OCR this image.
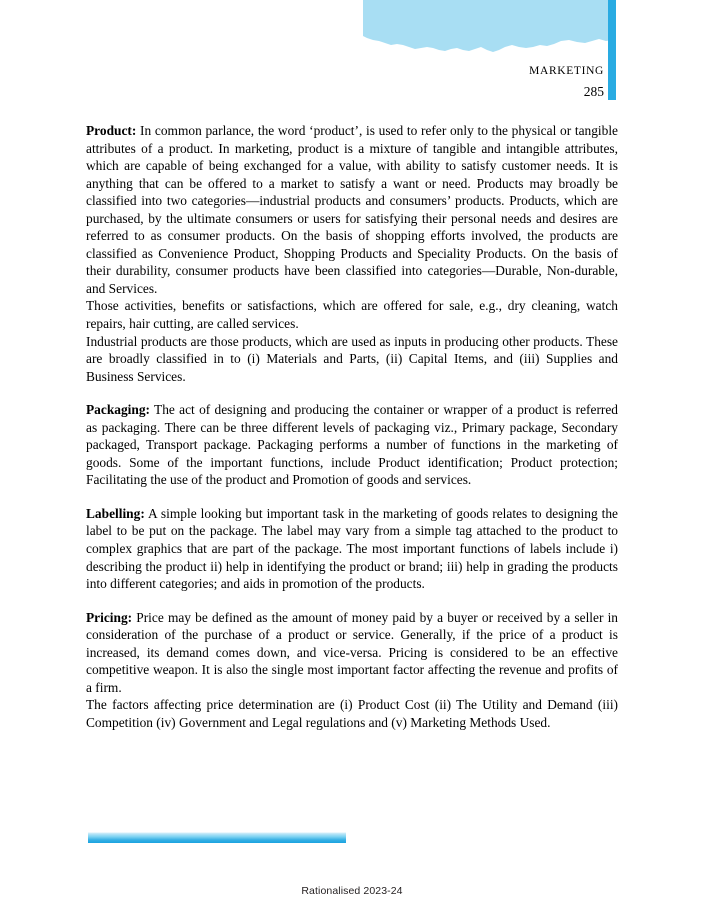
MARKETING
285

Product: In common parlance, the word ‘product’, is used to refer only to the physical or tangible attributes of a product. In marketing, product is a mixture of tangible and intangible attributes, which are capable of being exchanged for a value, with ability to satisfy customer needs. It is anything that can be offered to a market to satisfy a want or need. Products may broadly be classified into two categories—industrial products and consumers’ products. Products, which are purchased, by the ultimate consumers or users for satisfying their personal needs and desires are referred to as consumer products. On the basis of shopping efforts involved, the products are classified as Convenience Product, Shopping Products and Speciality Products. On the basis of their durability, consumer products have been classified into categories—Durable, Non-durable, and Services.

Those activities, benefits or satisfactions, which are offered for sale, e.g., dry cleaning, watch repairs, hair cutting, are called services.

Industrial products are those products, which are used as inputs in producing other products. These are broadly classified in to (i) Materials and Parts, (ii) Capital Items, and (iii) Supplies and Business Services.

Packaging: The act of designing and producing the container or wrapper of a product is referred as packaging. There can be three different levels of packaging viz., Primary package, Secondary packaged, Transport package. Packaging performs a number of functions in the marketing of goods. Some of the important functions, include Product identification; Product protection; Facilitating the use of the product and Promotion of goods and services.

Labelling: A simple looking but important task in the marketing of goods relates to designing the label to be put on the package. The label may vary from a simple tag attached to the product to complex graphics that are part of the package. The most important functions of labels include i) describing the product ii) help in identifying the product or brand; iii) help in grading the products into different categories; and aids in promotion of the products.

Pricing: Price may be defined as the amount of money paid by a buyer or received by a seller in consideration of the purchase of a product or service. Generally, if the price of a product is increased, its demand comes down, and vice-versa. Pricing is considered to be an effective competitive weapon. It is also the single most important factor affecting the revenue and profits of a firm.

The factors affecting price determination are (i) Product Cost (ii) The Utility and Demand (iii) Competition (iv) Government and Legal regulations and (v) Marketing Methods Used.

Rationalised 2023-24
